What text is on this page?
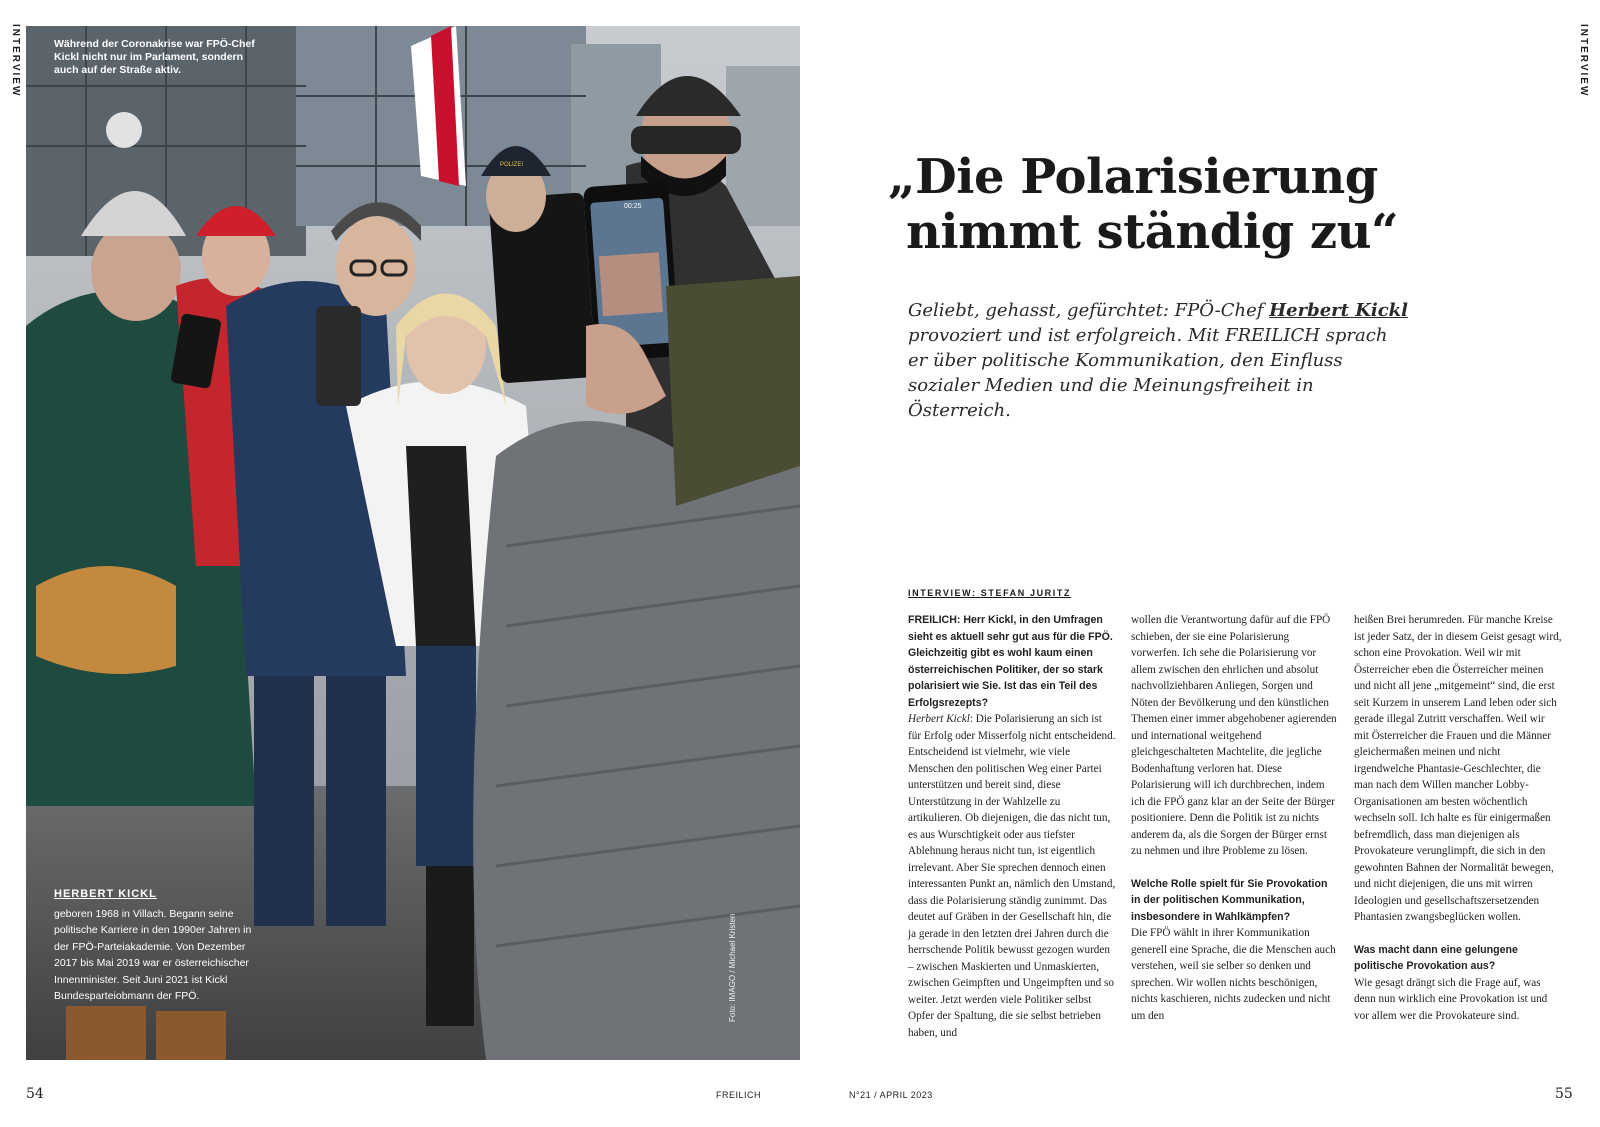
INTERVIEW	INTERVIEW
00:25
POLIZEI
Während der Coronakrise war FPÖ-Chef Kickl nicht nur im Parlament, sondern auch auf der Straße aktiv.
HERBERT KICKL
geboren 1968 in Villach. Begann seine politische Karriere in den 1990er Jahren in der FPÖ-Parteiakademie. Von Dezember 2017 bis Mai 2019 war er österreichischer Innenminister. Seit Juni 2021 ist Kickl Bundesparteiobmann der FPÖ.	Foto: IMAGO / Michael Kristen
„Die Polarisierung
nimmt ständig zu“
Geliebt, gehasst, gefürchtet: FPÖ-Chef Herbert Kickl provoziert und ist erfolgreich. Mit FREILICH sprach er über politische Kommunikation, den Einfluss sozialer Medien und die Meinungsfreiheit in Österreich.
INTERVIEW: STEFAN JURITZ

FREILICH: Herr Kickl, in den Umfragen sieht es aktuell sehr gut aus für die FPÖ. Gleichzeitig gibt es wohl kaum einen österreichischen Politiker, der so stark polarisiert wie Sie. Ist das ein Teil des Erfolgsrezepts?

Herbert Kickl: Die Polarisierung an sich ist für Erfolg oder Misserfolg nicht entscheidend. Entscheidend ist vielmehr, wie viele Menschen den politischen Weg einer Partei unterstützen und bereit sind, diese Unterstützung in der Wahlzelle zu artikulieren. Ob diejenigen, die das nicht tun, es aus Wurschtigkeit oder aus tiefster Ablehnung heraus nicht tun, ist eigentlich irrelevant. Aber Sie sprechen dennoch einen interessanten Punkt an, nämlich den Umstand, dass die Polarisierung ständig zunimmt. Das deutet auf Gräben in der Gesellschaft hin, die ja gerade in den letzten drei Jahren durch die herrschende Politik bewusst gezogen wurden – zwischen Maskierten und Unmaskierten, zwischen Geimpften und Ungeimpften und so weiter. Jetzt werden viele Politiker selbst Opfer der Spaltung, die sie selbst betrieben haben, und

wollen die Verantwortung dafür auf die FPÖ schieben, der sie eine Polarisierung vorwerfen. Ich sehe die Polarisierung vor allem zwischen den ehrlichen und absolut nachvollziehbaren Anliegen, Sorgen und Nöten der Bevölkerung und den künstlichen Themen einer immer abgehobener agierenden und international weitgehend gleichgeschalteten Machtelite, die jegliche Bodenhaftung verloren hat. Diese Polarisierung will ich durchbrechen, indem ich die FPÖ ganz klar an der Seite der Bürger positioniere. Denn die Politik ist zu nichts anderem da, als die Sorgen der Bürger ernst zu nehmen und ihre Probleme zu lösen.

Welche Rolle spielt für Sie Provokation in der politischen Kommunikation, insbesondere in Wahlkämpfen?

Die FPÖ wählt in ihrer Kommunikation generell eine Sprache, die die Menschen auch verstehen, weil sie selber so denken und sprechen. Wir wollen nichts beschönigen, nichts kaschieren, nichts zudecken und nicht um den

heißen Brei herumreden. Für manche Kreise ist jeder Satz, der in diesem Geist gesagt wird, schon eine Provokation. Weil wir mit Österreicher eben die Österreicher meinen und nicht all jene „mitgemeint“ sind, die erst seit Kurzem in unserem Land leben oder sich gerade illegal Zutritt verschaffen. Weil wir mit Österreicher die Frauen und die Männer gleichermaßen meinen und nicht irgendwelche Phantasie-Geschlechter, die man nach dem Willen mancher Lobby-Organisationen am besten wöchentlich wechseln soll. Ich halte es für einigermaßen befremdlich, dass man diejenigen als Provokateure verunglimpft, die sich in den gewohnten Bahnen der Normalität bewegen, und nicht diejenigen, die uns mit wirren Ideologien und gesellschaftszersetzenden Phantasien zwangsbeglücken wollen.

Was macht dann eine gelungene politische Provokation aus?

Wie gesagt drängt sich die Frage auf, was denn nun wirklich eine Provokation ist und vor allem wer die Provokateure sind.

54	FREILICH	N°21 / APRIL 2023	55
